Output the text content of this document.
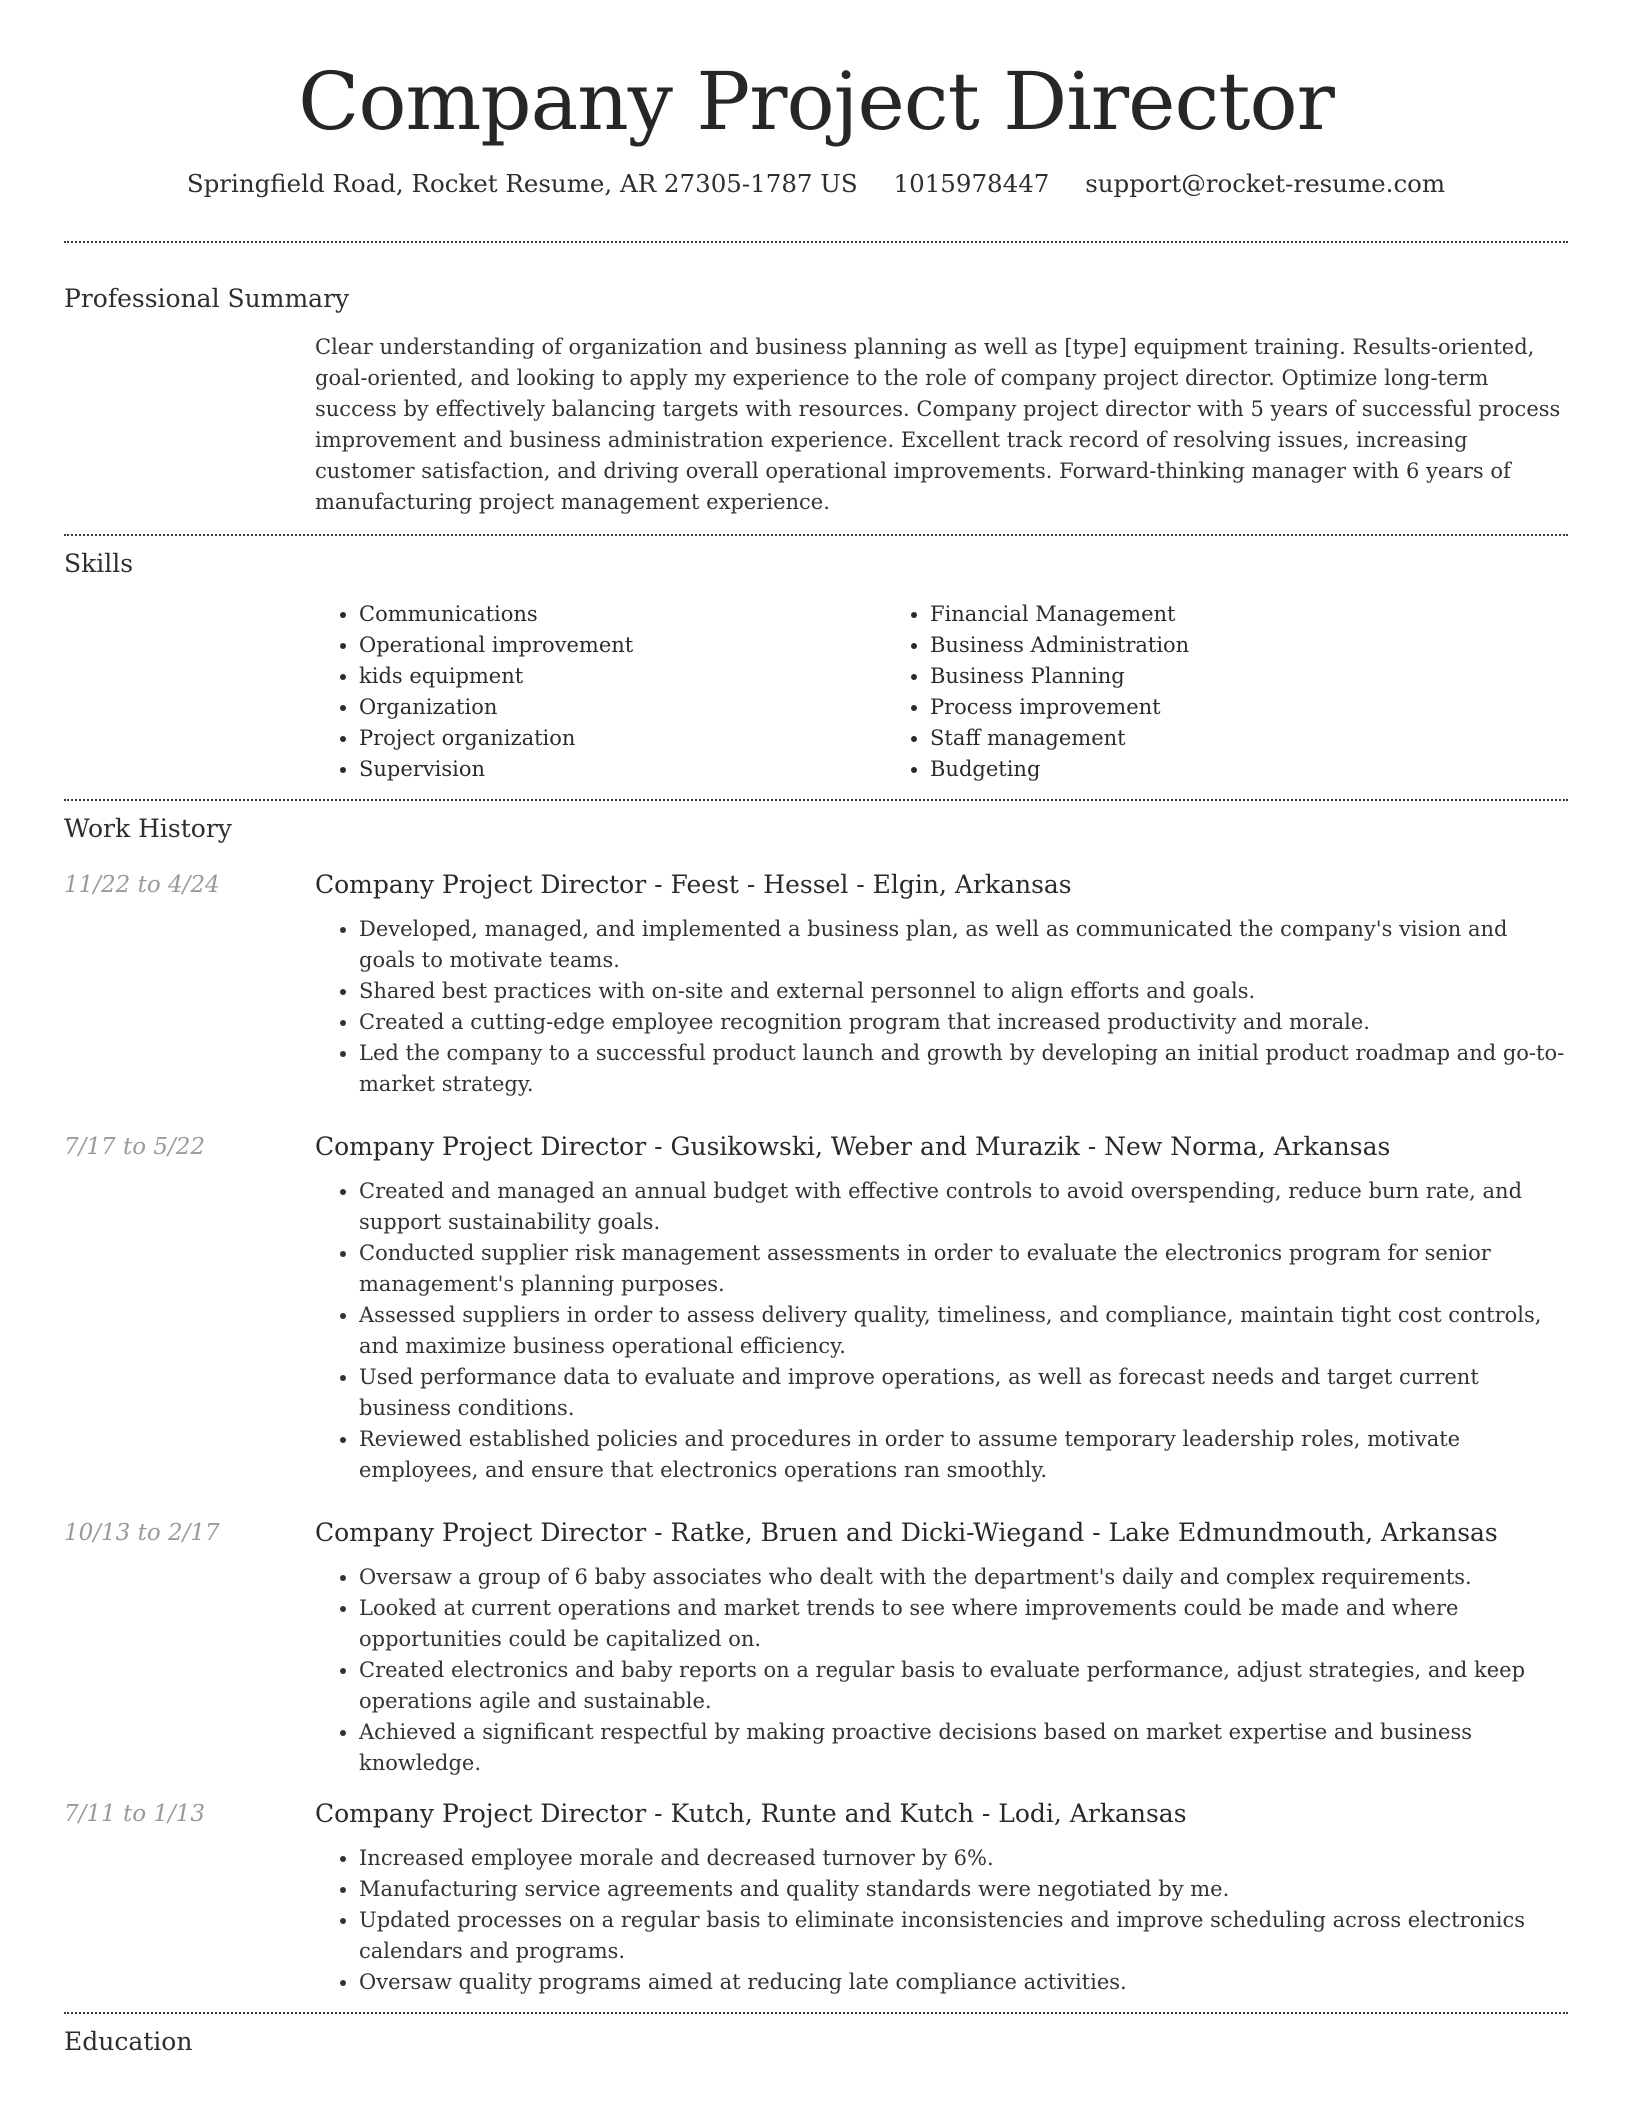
Company Project Director
Springfield Road, Rocket Resume, AR 27305-1787 US 1015978447 support@rocket-resume.com
Professional Summary
Clear understanding of organization and business planning as well as [type] equipment training. Results-oriented, goal-oriented, and looking to apply my experience to the role of company project director. Optimize long-term success by effectively balancing targets with resources. Company project director with 5 years of successful process improvement and business administration experience. Excellent track record of resolving issues, increasing customer satisfaction, and driving overall operational improvements. Forward-thinking manager with 6 years of manufacturing project management experience.
Skills
• Communications
• Operational improvement
• kids equipment
• Organization
• Project organization
• Supervision
• Financial Management
• Business Administration
• Business Planning
• Process improvement
• Staff management
• Budgeting
Work History
11/22 to 4/24	Company Project Director - Feest - Hessel - Elgin, Arkansas
• Developed, managed, and implemented a business plan, as well as communicated the company's vision and goals to motivate teams.
• Shared best practices with on-site and external personnel to align efforts and goals.
• Created a cutting-edge employee recognition program that increased productivity and morale.
• Led the company to a successful product launch and growth by developing an initial product roadmap and go-to-market strategy.
7/17 to 5/22	Company Project Director - Gusikowski, Weber and Murazik - New Norma, Arkansas
• Created and managed an annual budget with effective controls to avoid overspending, reduce burn rate, and support sustainability goals.
• Conducted supplier risk management assessments in order to evaluate the electronics program for senior management's planning purposes.
• Assessed suppliers in order to assess delivery quality, timeliness, and compliance, maintain tight cost controls, and maximize business operational efficiency.
• Used performance data to evaluate and improve operations, as well as forecast needs and target current business conditions.
• Reviewed established policies and procedures in order to assume temporary leadership roles, motivate employees, and ensure that electronics operations ran smoothly.
10/13 to 2/17	Company Project Director - Ratke, Bruen and Dicki-Wiegand - Lake Edmundmouth, Arkansas
• Oversaw a group of 6 baby associates who dealt with the department's daily and complex requirements.
• Looked at current operations and market trends to see where improvements could be made and where opportunities could be capitalized on.
• Created electronics and baby reports on a regular basis to evaluate performance, adjust strategies, and keep operations agile and sustainable.
• Achieved a significant respectful by making proactive decisions based on market expertise and business knowledge.
7/11 to 1/13	Company Project Director - Kutch, Runte and Kutch - Lodi, Arkansas
• Increased employee morale and decreased turnover by 6%.
• Manufacturing service agreements and quality standards were negotiated by me.
• Updated processes on a regular basis to eliminate inconsistencies and improve scheduling across electronics calendars and programs.
• Oversaw quality programs aimed at reducing late compliance activities.
Education
